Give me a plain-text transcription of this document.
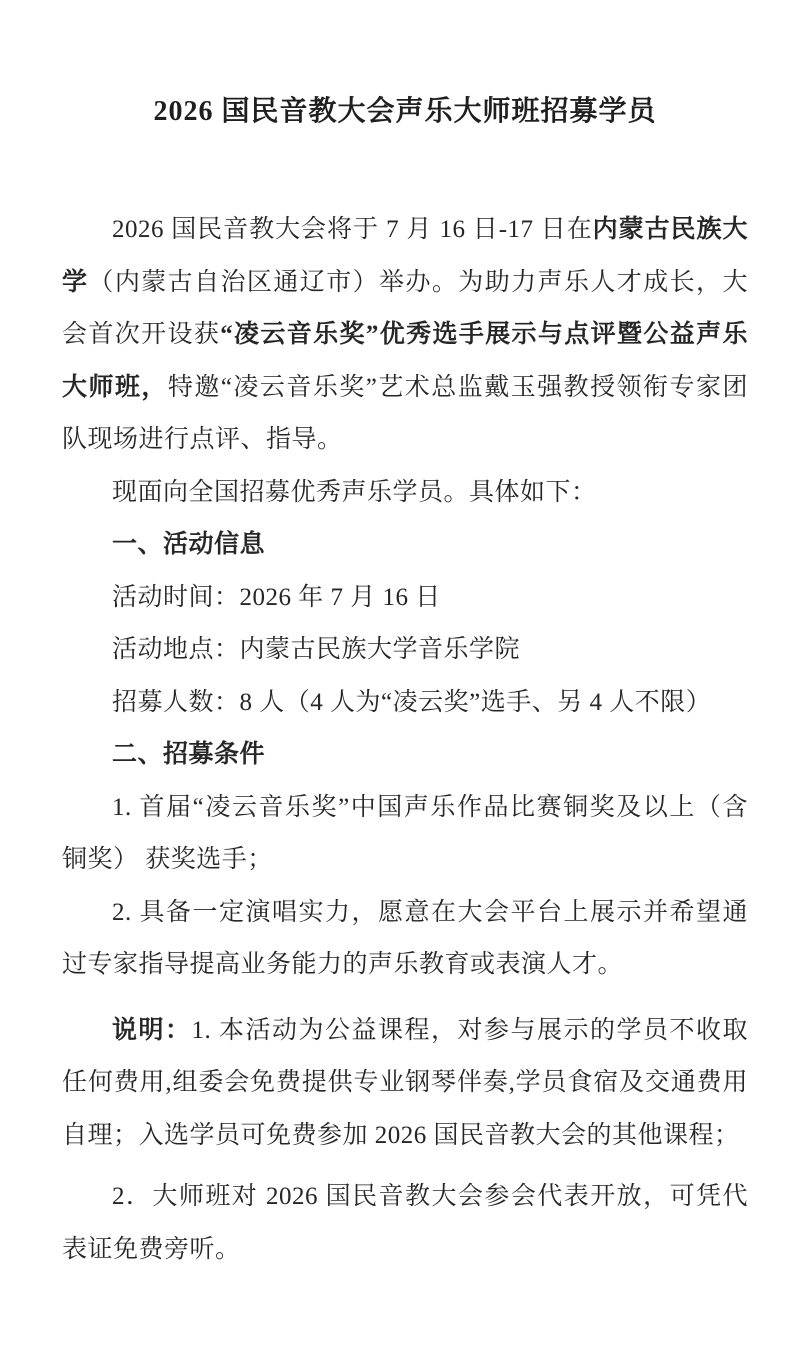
2026 国民音教大会声乐大师班招募学员

2026 国民音教大会将于 7 月 16 日-17 日在内蒙古民族大学（内蒙古自治区通辽市）举办。为助力声乐人才成长，大会首次开设获“凌云音乐奖”优秀选手展示与点评暨公益声乐大师班，特邀“凌云音乐奖”艺术总监戴玉强教授领衔专家团队现场进行点评、指导。

现面向全国招募优秀声乐学员。具体如下：

一、活动信息

活动时间：2026 年 7 月 16 日

活动地点：内蒙古民族大学音乐学院

招募人数：8 人（4 人为“凌云奖”选手、另 4 人不限）

二、招募条件

1. 首届“凌云音乐奖”中国声乐作品比赛铜奖及以上（含铜奖） 获奖选手；

2. 具备一定演唱实力，愿意在大会平台上展示并希望通过专家指导提高业务能力的声乐教育或表演人才。

说明：1. 本活动为公益课程，对参与展示的学员不收取任何费用,组委会免费提供专业钢琴伴奏,学员食宿及交通费用自理；入选学员可免费参加 2026 国民音教大会的其他课程；

2．大师班对 2026 国民音教大会参会代表开放，可凭代表证免费旁听。
